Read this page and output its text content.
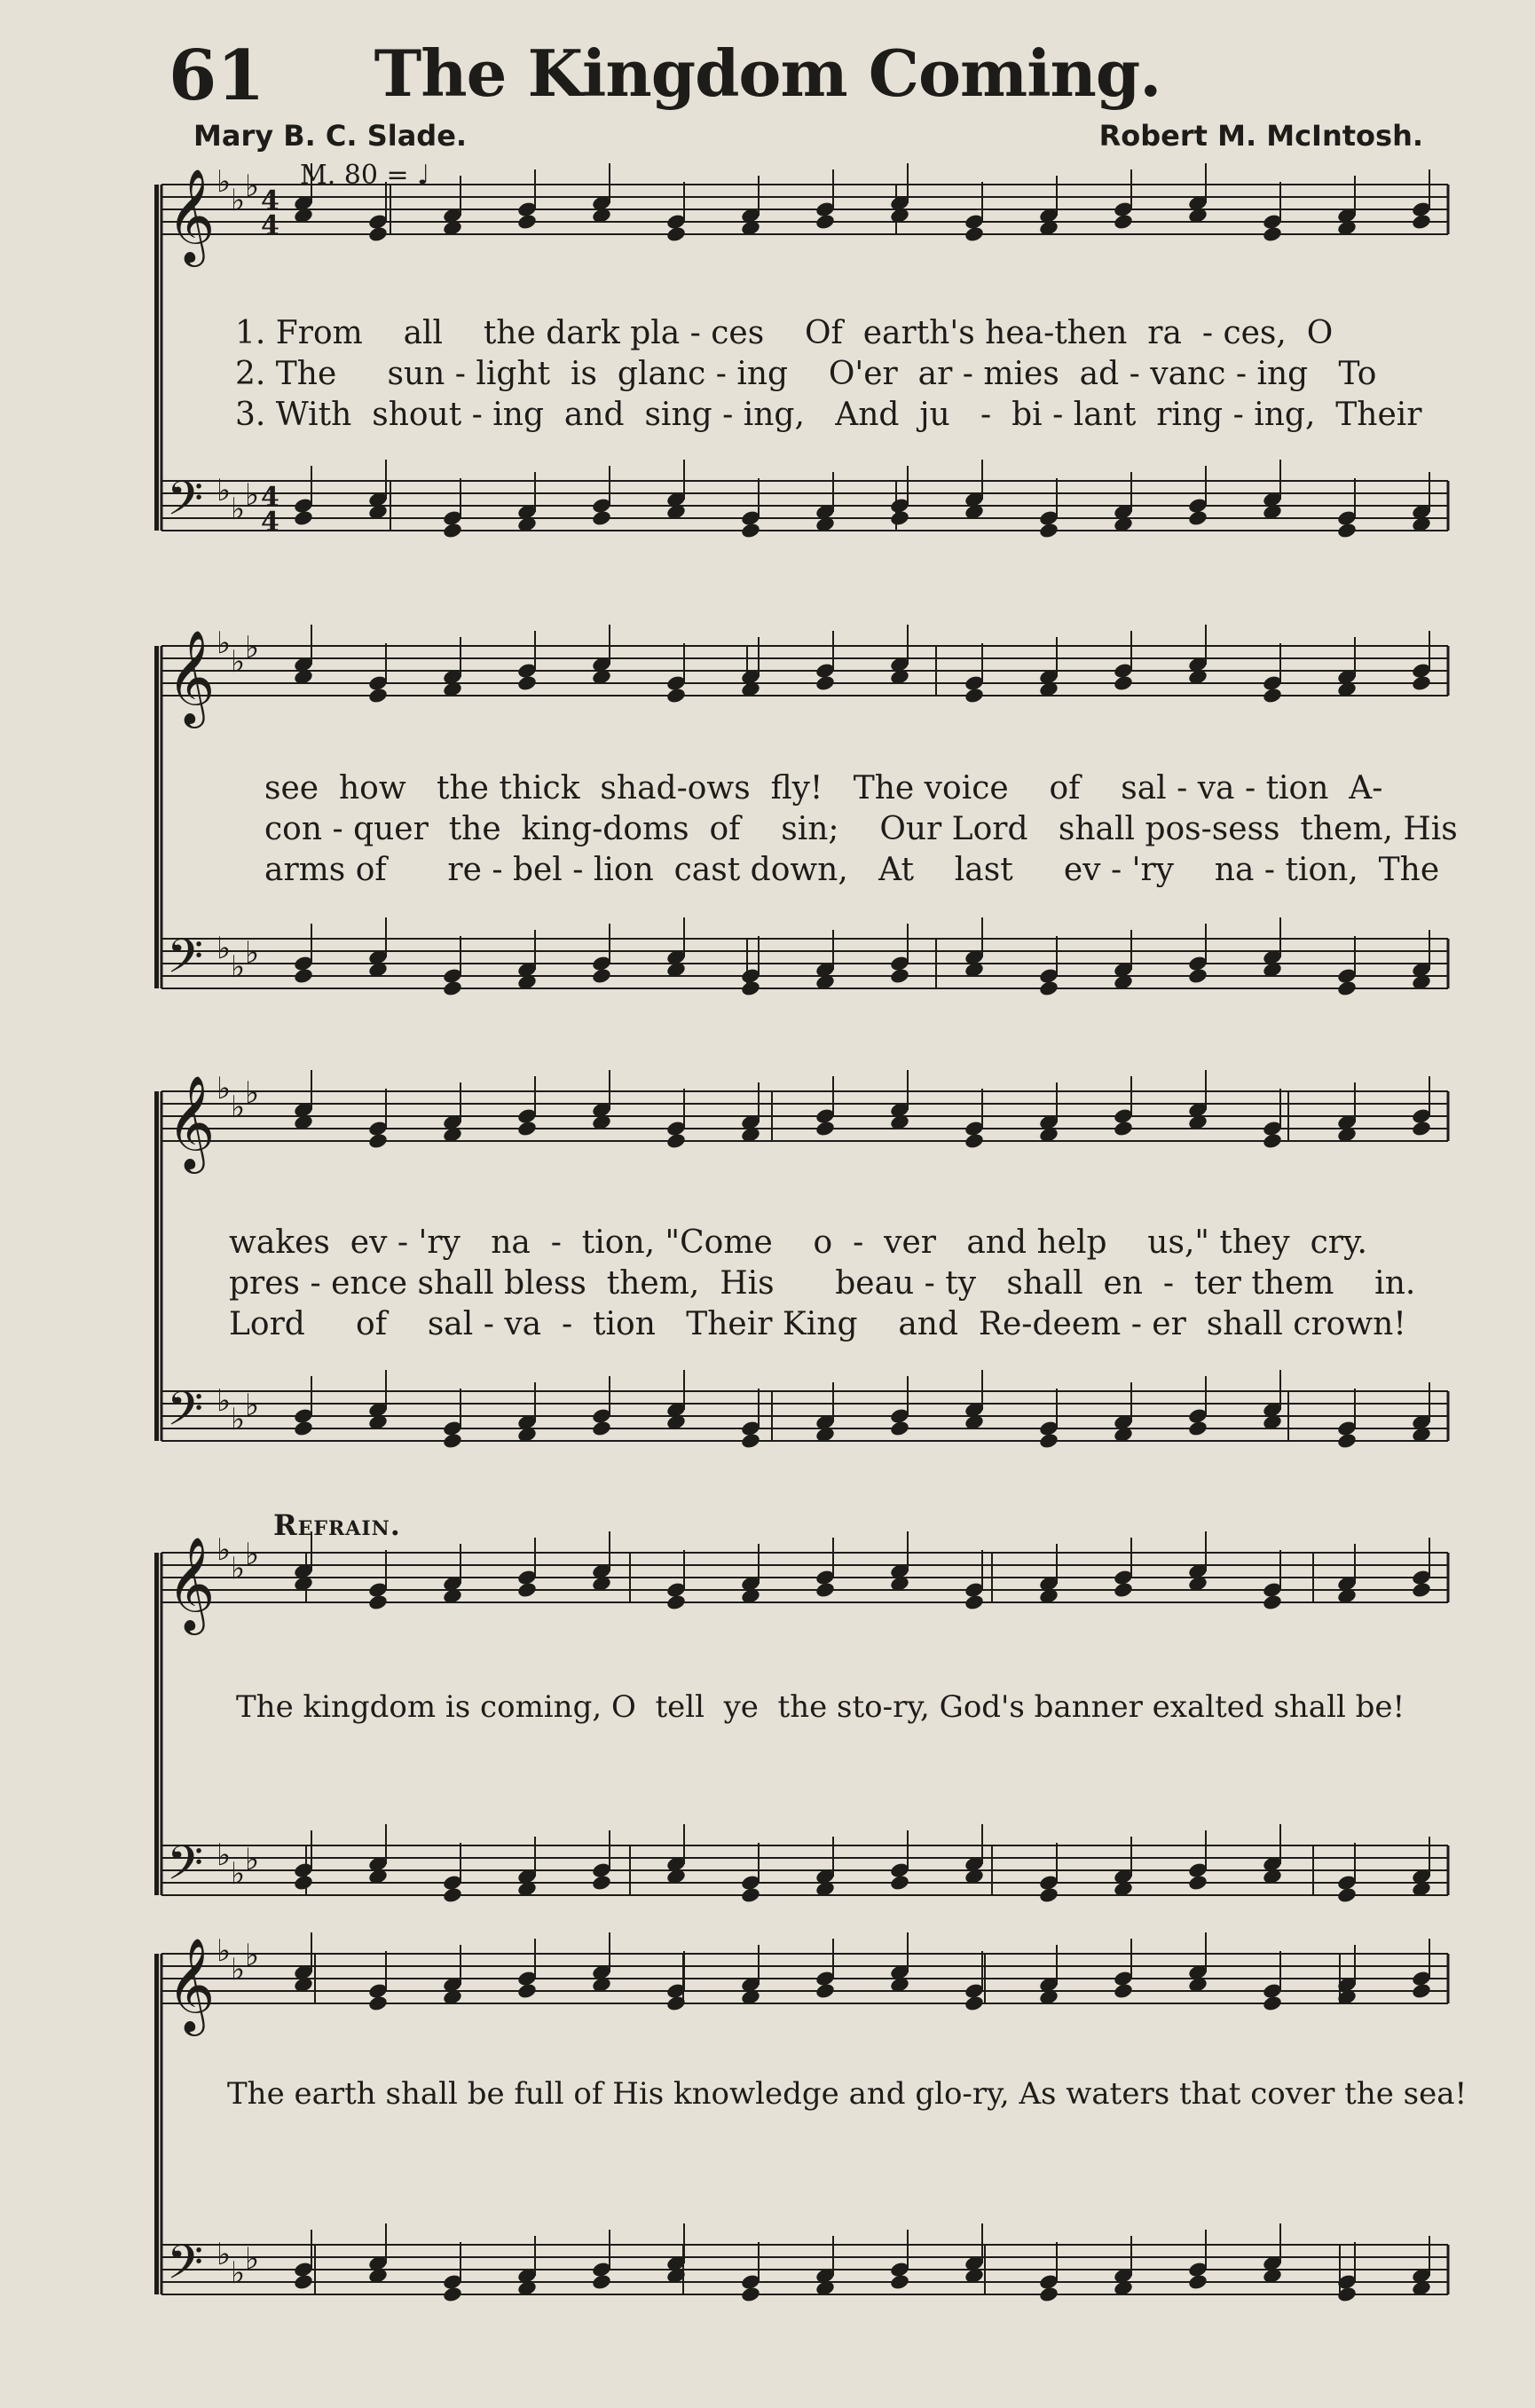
𝄞 ♭
♭ ♭ 4
4
𝄢 ♭
♭ ♭ 4
4
𝄞 ♭
♭ ♭
𝄢 ♭
♭ ♭
𝄞 ♭
♭ ♭
𝄢 ♭
♭ ♭
𝄞 ♭
♭ ♭
𝄢 ♭
♭ ♭
𝄞 ♭
♭ ♭
𝄢 ♭
♭ ♭
61	The Kingdom Coming.
Mary B. C. Slade.	Robert M. McIntosh.
M. 80 = ♩
1. From    all    the dark pla - ces    Of  earth's hea-then  ra  - ces,  O
2. The     sun - light  is  glanc - ing    O'er  ar - mies  ad - vanc - ing   To
3. With  shout - ing  and  sing - ing,   And  ju   -  bi - lant  ring - ing,  Their
see  how   the thick  shad-ows  fly!   The voice    of    sal - va - tion  A-
con - quer  the  king-doms  of    sin;    Our Lord   shall pos-sess  them, His
arms of      re - bel - lion  cast down,   At    last     ev - 'ry    na - tion,  The
wakes  ev - 'ry   na  -  tion, "Come    o  -  ver   and help    us," they  cry.
pres - ence shall bless  them,  His      beau - ty   shall  en  -  ter them    in.
Lord     of    sal - va  -  tion   Their King    and  Re-deem - er  shall crown!
Refrain.
The kingdom is coming, O  tell  ye  the sto-ry, God's banner exalted shall be!
The earth shall be full of His knowledge and glo-ry, As waters that cover the sea!
